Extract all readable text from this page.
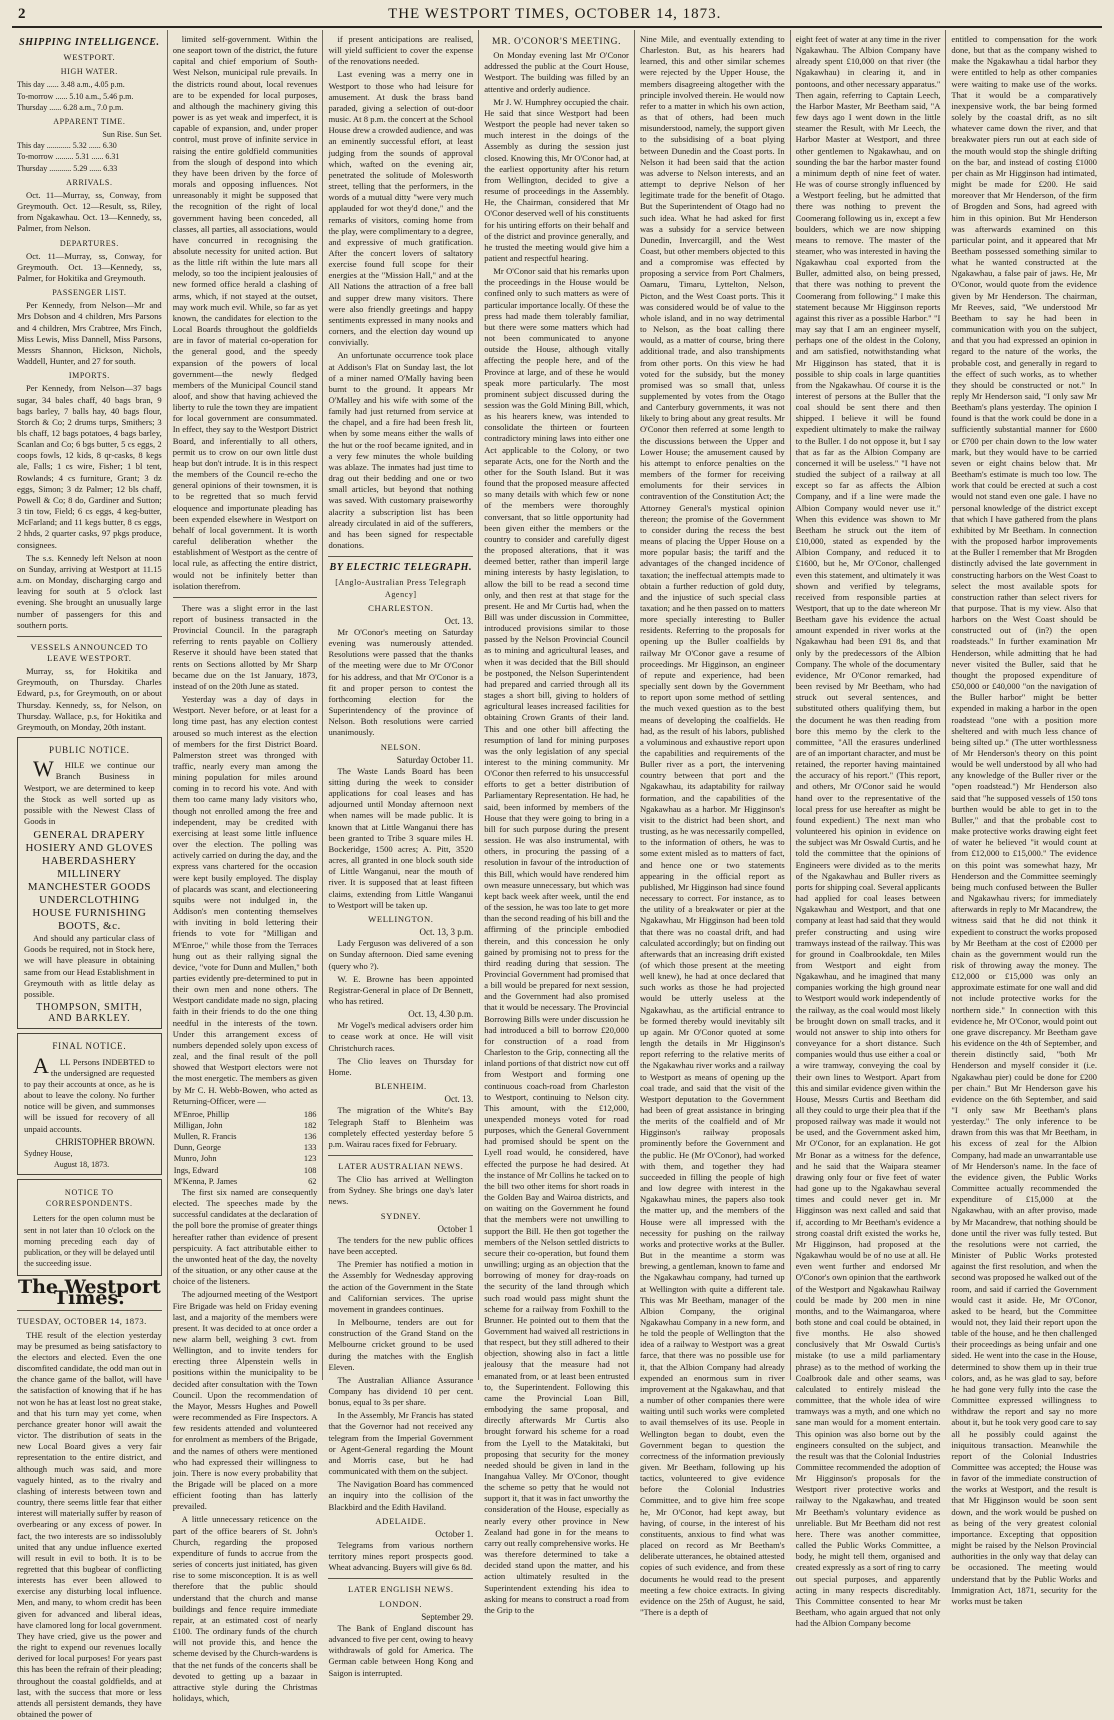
2	THE WESTPORT TIMES, OCTOBER 14, 1873.
SHIPPING INTELLIGENCE.
WESTPORT.
HIGH WATER.
This day ...... 3.48 a.m., 4.05 p.m.
To-morrow ...... 5.10 a.m., 5.46 p.m.
Thursday ...... 6.28 a.m., 7.0 p.m.
APPARENT TIME.
Sun Rise. Sun Set.
This day ............ 5.32 ...... 6.30
To-morrow ......... 5.31 ...... 6.31
Thursday ........... 5.29 ...... 6.33
ARRIVALS.

Oct. 11—Murray, ss, Conway, from Greymouth. Oct. 12—Result, ss, Riley, from Ngakawhau. Oct. 13—Kennedy, ss, Palmer, from Nelson.

DEPARTURES.

Oct. 11—Murray, ss, Conway, for Greymouth. Oct. 13—Kennedy, ss, Palmer, for Hokitika and Greymouth.

PASSENGER LIST.

Per Kennedy, from Nelson—Mr and Mrs Dobson and 4 children, Mrs Parsons and 4 children, Mrs Crabtree, Mrs Finch, Miss Lewis, Miss Dannell, Miss Parsons, Messrs Shannon, Hickson, Nichols, Waddell, Hunter, and 27 for south.

IMPORTS.

Per Kennedy, from Nelson—37 bags sugar, 34 bales chaff, 40 bags bran, 9 bags barley, 7 balls hay, 40 bags flour, Storch & Co; 2 drums turps, Smithers; 3 bls chaff, 12 bags potatoes, 4 bags barley, Scanlan and Co; 6 bgs butter, 5 cs eggs, 2 coops fowls, 12 kids, 8 qr-casks, 8 kegs ale, Falls; 1 cs wire, Fisher; 1 bl tent, Rowlands; 4 cs furniture, Grant; 3 dz eggs, Simon; 3 dz Palmer; 12 bls chaff, Powell & Co; 8 do, Gardiner and Sutton; 3 tin tow, Field; 6 cs eggs, 4 keg-butter, McFarland; and 11 kegs butter, 8 cs eggs, 2 hhds, 2 quarter casks, 97 pkgs produce, consignees.

The s.s. Kennedy left Nelson at noon on Sunday, arriving at Westport at 11.15 a.m. on Monday, discharging cargo and leaving for south at 5 o'clock last evening. She brought an unusually large number of passengers for this and southern ports.

VESSELS ANNOUNCED TO LEAVE WESTPORT.

Murray, ss, for Hokitika and Greymouth, on Thursday. Charles Edward, p.s, for Greymouth, on or about Thursday. Kennedy, ss, for Nelson, on Thursday. Wallace, p.s, for Hokitika and Greymouth, on Monday, 20th instant.

PUBLIC NOTICE.

WHILE we continue our Branch Business in Westport, we are determined to keep the Stock as well sorted up as possible with the Newest Class of Goods in

GENERAL DRAPERY
HOSIERY AND GLOVES
HABERDASHERY
MILLINERY
MANCHESTER GOODS
UNDERCLOTHING
HOUSE FURNISHING
BOOTS, &c.

And should any particular class of Goods be required, not in Stock here, we will have pleasure in obtaining same from our Head Establishment in Greymouth with as little delay as possible.

THOMPSON, SMITH, AND BARKLEY.
FINAL NOTICE.

ALL Persons INDEBTED to the undersigned are requested to pay their accounts at once, as he is about to leave the colony. No further notice will be given, and summonses will be issued for recovery of all unpaid accounts.

CHRISTOPHER BROWN.
Sydney House,
August 18, 1873.
NOTICE TO CORRESPONDENTS.

Letters for the open column must be sent in not later than 10 o'clock on the morning preceding each day of publication, or they will be delayed until the succeeding issue.

The Westport Times.
TUESDAY, OCTOBER 14, 1873.

THE result of the election yesterday may be presumed as being satisfactory to the electors and elected. Even the one discomfited candidate, the odd man out in the chance game of the ballot, will have the satisfaction of knowing that if he has not won he has at least lost no great stake, and that his turn may yet come, when perchance greater honor will await the victor. The distribution of seats in the new Local Board gives a very fair representation to the entire district, and although much was said, and more vaguely hinted, as to the rivalry and clashing of interests between town and country, there seems little fear that either interest will materially suffer by reason of overbearing or any excess of power. In fact, the two interests are so indissolubly united that any undue influence exerted will result in evil to both. It is to be regretted that this bugbear of conflicting interests has ever been allowed to exercise any disturbing local influence. Men, and many, to whom credit has been given for advanced and liberal ideas, have clamored long for local government. They have cried, give us the power and the right to expend our revenues locally derived for local purposes! For years past this has been the refrain of their pleading; throughout the coastal goldfields, and at last, with the success that more or less attends all persistent demands, they have obtained the power of

limited self-government. Within the one seaport town of the district, the future capital and chief emporium of South-West Nelson, municipal rule prevails. In the districts round about, local revenues are to be expended for local purposes, and although the machinery giving this power is as yet weak and imperfect, it is capable of expansion, and, under proper control, must prove of infinite service in raising the entire goldfield communities from the slough of despond into which they have been driven by the force of morals and opposing influences. Not unreasonably it might be supposed that the recognition of the right of local government having been conceded, all classes, all parties, all associations, would have concurred in recognising the absolute necessity for united action. But as the little rift within the lute mars all melody, so too the incipient jealousies of new formed office herald a clashing of arms, which, if not stayed at the outset, may work much evil. While, so far as yet known, the candidates for election to the Local Boards throughout the goldfields are in favor of material co-operation for the general good, and the speedy expansion of the powers of local government—the newly fledged members of the Municipal Council stand aloof, and show that having achieved the liberty to rule the town they are impatient for local government are consummated. In effect, they say to the Westport District Board, and inferentially to all others, permit us to crow on our own little dust heap but don't intrude. It is in this respect the members of the Council re-echo the general opinions of their townsmen, it is to be regretted that so much fervid eloquence and importunate pleading has been expended elsewhere in Westport on behalf of local government. It is worth careful deliberation whether the establishment of Westport as the centre of local rule, as affecting the entire district, would not be infinitely better than isolation therefrom.

There was a slight error in the last report of business transacted in the Provincial Council. In the paragraph referring to rents payable on Colliery Reserve it should have been stated that rents on Sections allotted by Mr Sharp became due on the 1st January, 1873, instead of on the 20th June as stated.

Yesterday was a day of days in Westport. Never before, or at least for a long time past, has any election contest aroused so much interest as the election of members for the first District Board. Palmerston street was thronged with traffic, nearly every man among the mining population for miles around coming in to record his vote. And with them too came many lady visitors who, though not enrolled among the free and independent, may be credited with exercising at least some little influence over the election. The polling was actively carried on during the day, and the express vans chartered for the occasion were kept busily employed. The display of placards was scant, and electioneering squibs were not indulged in, the Addison's men contenting themselves with inviting in bold lettering their friends to vote for "Milligan and M'Enroe," while those from the Terraces hung out as their rallying signal the device, "vote for Dunn and Mullen," both parties evidently pre-determined to put in their own men and none others. The Westport candidate made no sign, placing faith in their friends to do the one thing needful in the interests of the town. Under this arrangement excess of numbers depended solely upon excess of zeal, and the final result of the poll showed that Westport electors were not the most energetic. The members as given by Mr C. H. Webb-Bowen, who acted as Returning-Officer, were —

M'Enroe, Phillip	186
Milligan, John	182
Mullen, R. Francis	136
Dunn, George	133
Munro, John	123
Ings, Edward	108
M'Kenna, P. James	62

The first six named are consequently elected. The speeches made by the successful candidates at the declaration of the poll bore the promise of greater things hereafter rather than evidence of present perspicuity. A fact attributable either to the unwonted heat of the day, the novelty of the situation, or any other cause at the choice of the listeners.

The adjourned meeting of the Westport Fire Brigade was held on Friday evening last, and a majority of the members were present. It was decided to at once order a new alarm bell, weighing 3 cwt. from Wellington, and to invite tenders for erecting three Alpenstein wells in positions within the municipality to be decided after consultation with the Town Council. Upon the recommendation of the Mayor, Messrs Hughes and Powell were recommended as Fire Inspectors. A few residents attended and volunteered for enrolment as members of the Brigade, and the names of others were mentioned who had expressed their willingness to join. There is now every probability that the Brigade will be placed on a more efficient footing than has latterly prevailed.

A little unnecessary reticence on the part of the office bearers of St. John's Church, regarding the proposed expenditure of funds to accrue from the series of concerts just initiated, has given rise to some misconception. It is as well therefore that the public should understand that the church and manse buildings and fence require immediate repair, at an estimated cost of nearly £100. The ordinary funds of the church will not provide this, and hence the scheme devised by the Church-wardens is that the net funds of the concerts shall be devoted to getting up a bazaar in attractive style during the Christmas holidays, which,

if present anticipations are realised, will yield sufficient to cover the expense of the renovations needed.

Last evening was a merry one in Westport to those who had leisure for amusement. At dusk the brass band paraded, giving a selection of out-door music. At 8 p.m. the concert at the School House drew a crowded audience, and was an eminently successful effort, at least judging from the sounds of approval which, wafted on the evening air, penetrated the solitude of Molesworth street, telling that the performers, in the words of a mutual ditty "were very much applauded for wot they'd done," and the remarks of visitors, coming home from the play, were complimentary to a degree, and expressive of much gratification. After the concert lovers of saltatory exercise found full scope for their energies at the "Mission Hall," and at the All Nations the attraction of a free ball and supper drew many visitors. There were also friendly greetings and happy sentiments expressed in many nooks and corners, and the election day wound up convivially.

An unfortunate occurrence took place at Addison's Flat on Sunday last, the lot of a miner named O'Mally having been burnt to the ground. It appears Mr O'Malley and his wife with some of the family had just returned from service at the chapel, and a fire had been fresh lit, when by some means either the walls of the hut or the roof became ignited, and in a very few minutes the whole building was ablaze. The inmates had just time to drag out their bedding and one or two small articles, but beyond that nothing was saved. With customary praiseworthy alacrity a subscription list has been already circulated in aid of the sufferers, and has been signed for respectable donations.

BY ELECTRIC TELEGRAPH.
[Anglo-Australian Press Telegraph Agency]
CHARLESTON.
Oct. 13.

Mr O'Conor's meeting on Saturday evening was numerously attended. Resolutions were passed that the thanks of the meeting were due to Mr O'Conor for his address, and that Mr O'Conor is a fit and proper person to contest the forthcoming election for the Superintendency of the province of Nelson. Both resolutions were carried unanimously.

NELSON.
Saturday October 11.

The Waste Lands Board has been sitting during the week to consider applications for coal leases and has adjourned until Monday afternoon next when names will be made public. It is known that at Little Wanganui there has been granted to Tribe 3 square miles H. Bockeridge, 1500 acres; A. Pitt, 3520 acres, all granted in one block south side of Little Wanganui, near the mouth of river. It is supposed that at least fifteen claims, extending from Little Wanganui to Westport will be taken up.

WELLINGTON.
Oct. 13, 3 p.m.

Lady Ferguson was delivered of a son on Sunday afternoon. Died same evening (query who ?).

W. E. Browne has been appointed Registrar-General in place of Dr Bennett, who has retired.

Oct. 13, 4.30 p.m.

Mr Vogel's medical advisers order him to cease work at once. He will visit Christchurch races.

The Clio leaves on Thursday for Home.

BLENHEIM.
Oct. 13.

The migration of the White's Bay Telegraph Staff to Blenheim was completely effected yesterday before 5 p.m. Wairau races fixed for February.

LATER AUSTRALIAN NEWS.

The Clio has arrived at Wellington from Sydney. She brings one day's later news.

SYDNEY.
October 1

The tenders for the new public offices have been accepted.

The Premier has notified a motion in the Assembly for Wednesday approving the action of the Government in the State and Californian services. The uprise movement in grandees continues.

In Melbourne, tenders are out for construction of the Grand Stand on the Melbourne cricket ground to be used during the matches with the English Eleven.

The Australian Alliance Assurance Company has dividend 10 per cent. bonus, equal to 3s per share.

In the Assembly, Mr Francis has stated that the Governor had not received any telegram from the Imperial Government or Agent-General regarding the Mount and Morris case, but he had communicated with them on the subject.

The Navigation Board has commenced an inquiry into the collision of the Blackbird and the Edith Haviland.

ADELAIDE.
October 1.

Telegrams from various northern territory mines report prospects good. Wheat advancing. Buyers will give 6s 8d.

LATER ENGLISH NEWS.
LONDON.
September 29.

The Bank of England discount has advanced to five per cent, owing to heavy withdrawals of gold for America. The German cable between Hong Kong and Saigon is interrupted.

MR. O'CONOR'S MEETING.

On Monday evening last Mr O'Conor addressed the public at the Court House, Westport. The building was filled by an attentive and orderly audience.

Mr J. W. Humphrey occupied the chair. He said that since Westport had been Westport the people had never taken so much interest in the doings of the Assembly as during the session just closed. Knowing this, Mr O'Conor had, at the earliest opportunity after his return from Wellington, decided to give a resume of proceedings in the Assembly. He, the Chairman, considered that Mr O'Conor deserved well of his constituents for his untiring efforts on their behalf and of the district and province generally, and he trusted the meeting would give him a patient and respectful hearing.

Mr O'Conor said that his remarks upon the proceedings in the House would be confined only to such matters as were of particular importance locally. Of these the press had made them tolerably familiar, but there were some matters which had not been communicated to anyone outside the House, although vitally affecting the people here, and of the Province at large, and of these he would speak more particularly. The most prominent subject discussed during the session was the Gold Mining Bill, which, as his hearers knew, was intended to consolidate the thirteen or fourteen contradictory mining laws into either one Act applicable to the Colony, or two separate Acts, one for the North and the other for the South Island. But it was found that the proposed measure affected so many details with which few or none of the members were thoroughly conversant, that so little opportunity had been given either the members or the country to consider and carefully digest the proposed alterations, that it was deemed better, rather than imperil large mining interests by hasty legislation, to allow the bill to be read a second time only, and then rest at that stage for the present. He and Mr Curtis had, when the Bill was under discussion in Committee, introduced provisions similar to those passed by the Nelson Provincial Council as to mining and agricultural leases, and when it was decided that the Bill should be postponed, the Nelson Superintendent had prepared and carried through all its stages a short bill, giving to holders of agricultural leases increased facilities for obtaining Crown Grants of their land. This and one other bill affecting the resumption of land for mining purposes was the only legislation of any special interest to the mining community. Mr O'Conor then referred to his unsuccessful efforts to get a better distribution of Parliamentary Representation. He had, he said, been informed by members of the House that they were going to bring in a bill for such purpose during the present session. He was also instrumental, with others, in procuring the passing of a resolution in favour of the introduction of this Bill, which would have rendered him own measure unnecessary, but which was kept back week after week, until the end of the session, he was too late to get more than the second reading of his bill and the affirming of the principle embodied therein, and this concession he only gained by promising not to press for the third reading during that session. The Provincial Government had promised that a bill would be prepared for next session, and the Government had also promised that it would be necessary. The Provincial Borrowing Bills were under discussion he had introduced a bill to borrow £20,000 for construction of a road from Charleston to the Grip, connecting all the inland portions of that district now cut off from Westport and forming one continuous coach-road from Charleston to Westport, continuing to Nelson city. This amount, with the £12,000, unexpended moneys voted for road purposes, which the General Government had promised should be spent on the Lyell road would, he considered, have effected the purpose he had desired. At the instance of Mr Collins he tacked on to the bill two other items for short roads in the Golden Bay and Wairoa districts, and on waiting on the Government he found that the members were not unwilling to support the Bill. He then got together the members of the Nelson settled districts to secure their co-operation, but found them unwilling; urging as an objection that the borrowing of money for dray-roads on the security of the land through which such road would pass might shunt the scheme for a railway from Foxhill to the Brunner. He pointed out to them that the Government had waived all restrictions in that respect, but they still adhered to their objection, showing also in fact a little jealousy that the measure had not emanated from, or at least been entrusted to, the Superintendent. Following this came the Provincial Loan Bill, embodying the same proposal, and directly afterwards Mr Curtis also brought forward his scheme for a road from the Lyell to the Matakitaki, but proposing that security for the money needed should be given in land in the Inangahua Valley. Mr O'Conor, thought the scheme so petty that he would not support it, that it was in fact unworthy the consideration of the House, especially as nearly every other province in New Zealand had gone in for the means to carry out really comprehensive works. He was therefore determined to take a decided stand upon the matter, and his action ultimately resulted in the Superintendent extending his idea to asking for means to construct a road from the Grip to the

Nine Mile, and eventually extending to Charleston. But, as his hearers had learned, this and other similar schemes were rejected by the Upper House, the members disagreeing altogether with the principle involved therein. He would now refer to a matter in which his own action, as that of others, had been much misunderstood, namely, the support given to the subsidising of a boat plying between Dunedin and the Coast ports. In Nelson it had been said that the action was adverse to Nelson interests, and an attempt to deprive Nelson of her legitimate trade for the benefit of Otago. But the Superintendent of Otago had no such idea. What he had asked for first was a subsidy for a service between Dunedin, Invercargill, and the West Coast, but other members objected to this and a compromise was effected by proposing a service from Port Chalmers, Oamaru, Timaru, Lyttelton, Nelson, Picton, and the West Coast ports. This it was considered would be of value to the whole island, and in no way detrimental to Nelson, as the boat calling there would, as a matter of course, bring there additional trade, and also transhipments from other ports. On this view he had voted for the subsidy, but the money promised was so small that, unless supplemented by votes from the Otago and Canterbury governments, it was not likely to bring about any great results. Mr O'Conor then referred at some length to the discussions between the Upper and Lower House; the amusement caused by his attempt to enforce penalties on the members of the former for receiving emoluments for their services in contravention of the Constitution Act; the Attorney General's mystical opinion thereon; the promise of the Government to consider during the recess the best means of placing the Upper House on a more popular basis; the tariff and the advantages of the changed incidence of taxation; the ineffectual attempts made to obtain a further reduction of gold duty, and the injustice of such special class taxation; and he then passed on to matters more specially interesting to Buller residents. Referring to the proposals for opening up the Buller coalfields by railway Mr O'Conor gave a resume of proceedings. Mr Higginson, an engineer of repute and experience, had been specially sent down by the Government to report upon some method of settling the much vexed question as to the best means of developing the coalfields. He had, as the result of his labors, published a voluminous and exhaustive report upon the capabilities and requirements of the Buller river as a port, the intervening country between that port and the Ngakawhau, its adaptability for railway formation, and the capabilities of the Ngakawhau as a harbor. Mr Higginson's visit to the district had been short, and trusting, as he was necessarily compelled, to the information of others, he was to some extent misled as to matters of fact, and hence one or two statements appearing in the official report as published, Mr Higginson had since found necessary to correct. For instance, as to the utility of a breakwater or pier at the Ngakawhau, Mr Higginson had been told that there was no coastal drift, and had calculated accordingly; but on finding out afterwards that an increasing drift existed (of which those present at the meeting well knew), he had at once declared that such works as those he had projected would be utterly useless at the Ngakawhau, as the artificial entrance to be formed thereby would inevitably silt up again. Mr O'Conor quoted at some length the details in Mr Higginson's report referring to the relative merits of the Ngakawhau river works and a railway to Westport as means of opening up the coal trade, and said that the visit of the Westport deputation to the Government had been of great assistance in bringing the merits of the coalfield and of Mr Higginson's railway proposals prominently before the Government and the public. He (Mr O'Conor), had worked with them, and together they had succeeded in filling the people of high and low degree with interest in the Ngakawhau mines, the papers also took the matter up, and the members of the House were all impressed with the necessity for pushing on the railway works and protective works at the Buller. But in the meantime a storm was brewing, a gentleman, known to fame and the Ngakawhau company, had turned up at Wellington with quite a different tale. This was Mr Beetham, manager of the Albion Company, the original Ngakawhau Company in a new form, and he told the people of Wellington that the idea of a railway to Westport was a great farce, that there was no possible use for it, that the Albion Company had already expended an enormous sum in river improvement at the Ngakawhau, and that a number of other companies there were waiting until such works were completed to avail themselves of its use. People in Wellington began to doubt, even the Government began to question the correctness of the information previously given. Mr Beetham, following up his tactics, volunteered to give evidence before the Colonial Industries Committee, and to give him free scope he, Mr O'Conor, had kept away, but having, of course, in the interest of his constituents, anxious to find what was placed on record as Mr Beetham's deliberate utterances, he obtained attested copies of such evidence, and from these documents he would read to the present meeting a few choice extracts. In giving evidence on the 25th of August, he said, "There is a depth of

eight feet of water at any time in the river Ngakawhau. The Albion Company have already spent £10,000 on that river (the Ngakawhau) in clearing it, and in pontoons, and other necessary apparatus." Then again, referring to Captain Leech, the Harbor Master, Mr Beetham said, "A few days ago I went down in the little steamer the Result, with Mr Leech, the Harbor Master at Westport, and three other gentlemen to Ngakawhau, and on sounding the bar the harbor master found a minimum depth of nine feet of water. He was of course strongly influenced by a Westport feeling, but he admitted that there was nothing to prevent the Coomerang following us in, except a few boulders, which we are now shipping means to remove. The master of the steamer, who was interested in having the Ngakawhau coal exported from the Buller, admitted also, on being pressed, that there was nothing to prevent the Coomerang from following." I make this statement because Mr Higginson reports against this river as a possible Harbor." "I may say that I am an engineer myself, perhaps one of the oldest in the Colony, and am satisfied, notwithstanding what Mr Higginson has stated, that it is possible to ship coals in large quantities from the Ngakawhau. Of course it is the interest of persons at the Buller that the coal should be sent there and then shipped. I believe it will be found expedient ultimately to make the railway to the Buller. I do not oppose it, but I say that as far as the Albion Company are concerned it will be useless." "I have not studied the subject of a railway at all except so far as affects the Albion Company, and if a line were made the Albion Company would never use it." When this evidence was shown to Mr Beetham he struck out the item of £10,000, stated as expended by the Albion Company, and reduced it to £1600, but he, Mr O'Conor, challenged even this statement, and ultimately it was shown and verified by telegrams, received from responsible parties at Westport, that up to the date whereon Mr Beetham gave his evidence the actual amount expended in river works at the Ngakawhau had been £91 8s, and that only by the predecessors of the Albion Company. The whole of the documentary evidence, Mr O'Conor remarked, had been revised by Mr Beetham, who had struck out several sentences, and substituted others qualifying them, but the document he was then reading from bore this memo by the clerk to the committee, "All the erasures underlined are of an important character, and must be retained, the reporter having maintained the accuracy of his report." (This report, and others, Mr O'Conor said he would hand over to the representative of the local press for use hereafter as might be found expedient.) The next man who volunteered his opinion in evidence on the subject was Mr Oswald Curtis, and he told the committee that the opinions of Engineers were divided as to the merits of the Ngakawhau and Buller rivers as ports for shipping coal. Several applicants had applied for coal leases between Ngakawhau and Westport, and that one company at least had said that they would prefer constructing and using wire tramways instead of the railway. This was for ground in Coalbrookdale, ten Miles from Westport and eight from Ngakawhau, and he imagined that many companies working the high ground near to Westport would work independently of the railway, as the coal would most likely be brought down on small tracks, and it would not answer to ship into others for conveyance for a short distance. Such companies would thus use either a coal or a wire tramway, conveying the coal by their own lines to Westport. Apart from this and similar evidence given within the House, Messrs Curtis and Beetham did all they could to urge their plea that if the proposed railway was made it would not be used, and the Government asked him, Mr O'Conor, for an explanation. He got Mr Bonar as a witness for the defence, and he said that the Waipara steamer drawing only four or five feet of water had gone up to the Ngakawhau several times and could never get in. Mr Higginson was next called and said that if, according to Mr Beetham's evidence a strong coastal drift existed the works he, Mr Higginson, had proposed at the Ngakawhau would be of no use at all. He even went further and endorsed Mr O'Conor's own opinion that the earthwork of the Westport and Ngakawhau Railway could be made by 200 men in nine months, and to the Waimangaroa, where both stone and coal could be obtained, in five months. He also showed conclusively that Mr Oswald Curtis's mistake (to use a mild parliamentary phrase) as to the method of working the Coalbrook dale and other seams, was calculated to entirely mislead the committee, that the whole idea of wire tramways was a myth, and one which no sane man would for a moment entertain. This opinion was also borne out by the engineers consulted on the subject, and the result was that the Colonial Industries Committee recommended the adoption of Mr Higginson's proposals for the Westport river protective works and railway to the Ngakawhau, and treated Mr Beetham's voluntary evidence as unreliable. But Mr Beetham did not rest here. There was another committee, called the Public Works Committee, a body, he might tell them, organised and created expressly as a sort of ring to carry out special purposes, and apparently acting in many respects discreditably. This Committee consented to hear Mr Beetham, who again argued that not only had the Albion Company become

entitled to compensation for the work done, but that as the company wished to make the Ngakawhau a tidal harbor they were entitled to help as other companies were waiting to make use of the works. That it would be a comparatively inexpensive work, the bar being formed solely by the coastal drift, as no silt whatever came down the river, and that breakwater piers run out at each side of the mouth would stop the shingle drifting on the bar, and instead of costing £1000 per chain as Mr Higginson had intimated, might be made for £200. He said moreover that Mr Henderson, of the firm of Brogden and Sons, had agreed with him in this opinion. But Mr Henderson was afterwards examined on this particular point, and it appeared that Mr Beetham possessed something similar to what he wanted constructed at the Ngakawhau, a false pair of jaws. He, Mr O'Conor, would quote from the evidence given by Mr Henderson. The chairman, Mr Reeves, said, "We understood Mr Beetham to say he had been in communication with you on the subject, and that you had expressed an opinion in regard to the nature of the works, the probable cost, and generally in regard to the effect of such works, as to whether they should be constructed or not." In reply Mr Henderson said, "I only saw Mr Beetham's plans yesterday. The opinion I found is that the work could be done in a sufficiently substantial manner for £600 or £700 per chain down to the low water mark, but they would have to be carried seven or eight chains below that. Mr Beetham's estimate is much too low. The work that could be erected at such a cost would not stand even one gale. I have no personal knowledge of the district except that which I have gathered from the plans exhibited by Mr Beetham. In connection with the proposed harbor improvements at the Buller I remember that Mr Brogden distinctly advised the late government in constructing harbors on the West Coast to select the most available spots for construction rather than select rivers for that purpose. That is my view. Also that harbors on the West Coast should be constructed out of (in?) the open roadsteads." In further examination Mr Henderson, while admitting that he had never visited the Buller, said that he thought the proposed expenditure of £50,000 or £40,000 "on the navigation of the Buller harbor" might be better expended in making a harbor in the open roadstead "one with a position more sheltered and with much less chance of being silted up." (The utter worthlessness of Mr Henderson's theory on this point would be well understood by all who had any knowledge of the Buller river or the "open roadstead.") Mr Henderson also said that "he supposed vessels of 150 tons burthen would be able to get in to the Buller," and that the probable cost to make protective works drawing eight feet of water he believed "it would count at from £12,000 to £15,000." The evidence on this point was somewhat hazy, Mr Henderson and the Committee seemingly being much confused between the Buller and Ngakawhau rivers; for immediately afterwards in reply to Mr Macandrew, the witness said that he did not think it expedient to construct the works proposed by Mr Beetham at the cost of £2000 per chain as the government would run the risk of throwing away the money. The £12,000 or £15,000 was only an approximate estimate for one wall and did not include protective works for the northern side." In connection with this evidence he, Mr O'Conor, would point out one grave discrepancy. Mr Beetham gave his evidence on the 4th of September, and therein distinctly said, "both Mr Henderson and myself consider it (i.e. Ngakawhau pier) could be done for £200 per chain." But Mr Henderson gave his evidence on the 6th September, and said "I only saw Mr Beetham's plans yesterday." The only inference to be drawn from this was that Mr Beetham, in his excess of zeal for the Albion Company, had made an unwarrantable use of Mr Henderson's name. In the face of the evidence given, the Public Works Committee actually recommended the expenditure of £15,000 at the Ngakawhau, with an after proviso, made by Mr Macandrew, that nothing should be done until the river was fully tested. But the resolutions were not carried, the Minister of Public Works protested against the first resolution, and when the second was proposed he walked out of the room, and said if carried the Government would cast it aside. He, Mr O'Conor, asked to be heard, but the Committee would not, they laid their report upon the table of the house, and he then challenged their proceedings as being unfair and one sided. He went into the case in the House, determined to show them up in their true colors, and, as he was glad to say, before he had gone very fully into the case the Committee expressed willingness to withdraw the report and say no more about it, but he took very good care to say all he possibly could against the iniquitous transaction. Meanwhile the report of the Colonial Industries Committee was accepted; the House was in favor of the immediate construction of the works at Westport, and the result is that Mr Higginson would be soon sent down, and the work would be pushed on as being of the very greatest colonial importance. Excepting that opposition might be raised by the Nelson Provincial authorities in the only way that delay can be occasioned. The meeting would understand that by the Public Works and Immigration Act, 1871, security for the works must be taken
